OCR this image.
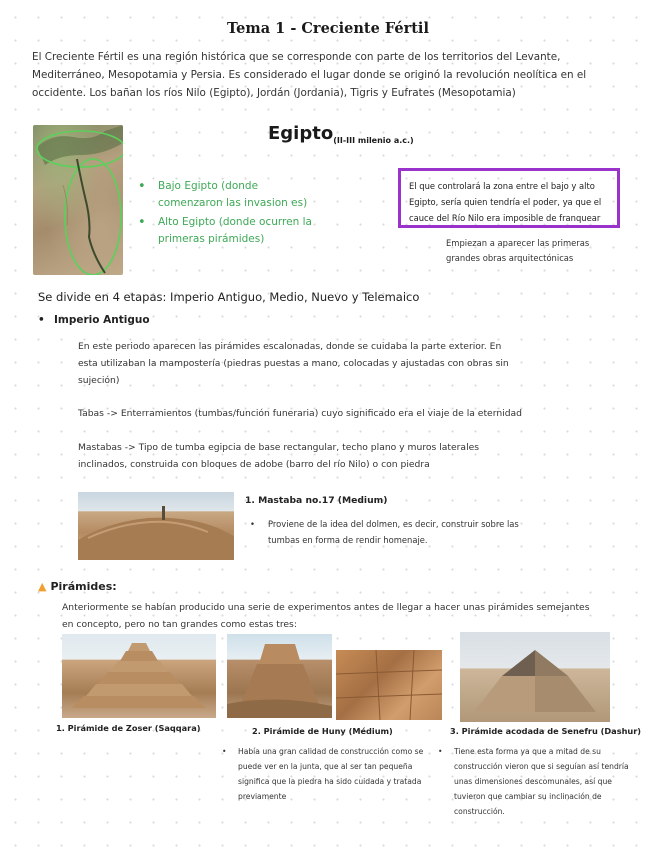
Tema 1 - Creciente Fértil
El Creciente Fértil es una región histórica que se corresponde con parte de los territorios del Levante, Mediterráneo, Mesopotamia y Persia. Es considerado el lugar donde se originó la revolución neolítica en el occidente. Los bañan los ríos Nilo (Egipto), Jordán (Jordania), Tigris y Eufrates (Mesopotamia)
Egipto$_{(II-III milenio a.c.)}$
• Bajo Egipto (donde comenzaron las invasion es)
• Alto Egipto (donde ocurren la primeras pirámides)
El que controlará la zona entre el bajo y alto Egipto, sería quien tendría el poder, ya que el cauce del Río Nilo era imposible de franquear
Empiezan a aparecer las primeras grandes obras arquitectónicas
Se divide en 4 etapas: Imperio Antiguo, Medio, Nuevo y Telemaico
• Imperio Antiguo
En este periodo aparecen las pirámides escalonadas, donde se cuidaba la parte exterior. En esta utilizaban la mampostería (piedras puestas a mano, colocadas y ajustadas con obras sin sujeción)
Tabas -> Enterramientos (tumbas/función funeraria) cuyo significado era el viaje de la eternidad
Mastabas -> Tipo de tumba egipcia de base rectangular, techo plano y muros laterales inclinados, construida con bloques de adobe (barro del río Nilo) o con piedra
1. Mastaba no.17 (Medium)
• Proviene de la idea del dolmen, es decir, construir sobre las tumbas en forma de rendir homenaje.
▲ Pirámides:
Anteriormente se habían producido una serie de experimentos antes de llegar a hacer unas pirámides semejantes en concepto, pero no tan grandes como estas tres:
1. Pirámide de Zoser (Saqqara)	2. Pirámide de Huny (Médium)	3. Pirámide acodada de Senefru (Dashur)
• Había una gran calidad de construcción como se puede ver en la junta, que al ser tan pequeña significa que la piedra ha sido cuidada y tratada previamente
• Tiene esta forma ya que a mitad de su construcción vieron que si seguían así tendría unas dimensiones descomunales, así que tuvieron que cambiar su inclinación de construcción.
